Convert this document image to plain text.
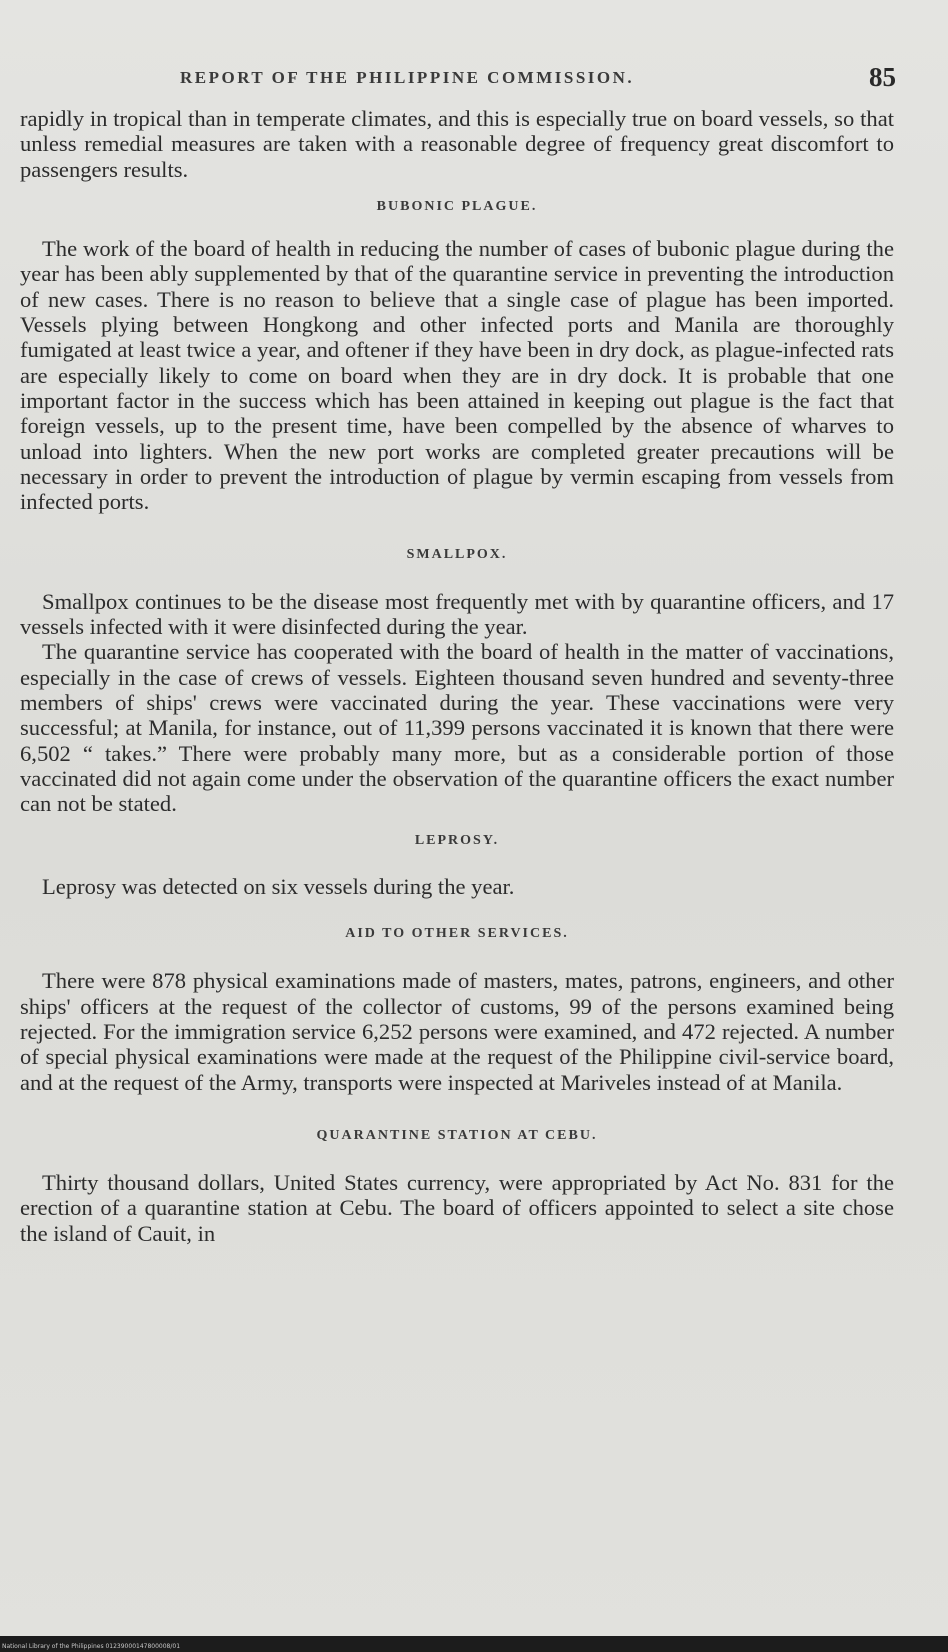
REPORT OF THE PHILIPPINE COMMISSION.	85

rapidly in tropical than in temperate climates, and this is especially true on board vessels, so that unless remedial measures are taken with a reasonable degree of frequency great discomfort to passengers results.

BUBONIC PLAGUE.

The work of the board of health in reducing the number of cases of bubonic plague during the year has been ably supplemented by that of the quarantine service in preventing the introduction of new cases. There is no reason to believe that a single case of plague has been imported. Vessels plying between Hongkong and other infected ports and Manila are thoroughly fumigated at least twice a year, and oftener if they have been in dry dock, as plague-infected rats are especially likely to come on board when they are in dry dock. It is probable that one important factor in the success which has been attained in keeping out plague is the fact that foreign vessels, up to the present time, have been compelled by the absence of wharves to unload into lighters. When the new port works are completed greater precautions will be necessary in order to prevent the introduction of plague by vermin escaping from vessels from infected ports.

SMALLPOX.

Smallpox continues to be the disease most frequently met with by quarantine officers, and 17 vessels infected with it were disinfected during the year.

The quarantine service has cooperated with the board of health in the matter of vaccinations, especially in the case of crews of vessels. Eighteen thousand seven hundred and seventy-three members of ships' crews were vaccinated during the year. These vaccinations were very successful; at Manila, for instance, out of 11,399 persons vaccinated it is known that there were 6,502 “ takes.” There were probably many more, but as a considerable portion of those vaccinated did not again come under the observation of the quarantine officers the exact number can not be stated.

LEPROSY.

Leprosy was detected on six vessels during the year.

AID TO OTHER SERVICES.

There were 878 physical examinations made of masters, mates, patrons, engineers, and other ships' officers at the request of the collector of customs, 99 of the persons examined being rejected. For the immigration service 6,252 persons were examined, and 472 rejected. A number of special physical examinations were made at the request of the Philippine civil-service board, and at the request of the Army, transports were inspected at Mariveles instead of at Manila.

QUARANTINE STATION AT CEBU.

Thirty thousand dollars, United States currency, were appropriated by Act No. 831 for the erection of a quarantine station at Cebu. The board of officers appointed to select a site chose the island of Cauit, in

National Library of the Philippines 01239000147800008/01
